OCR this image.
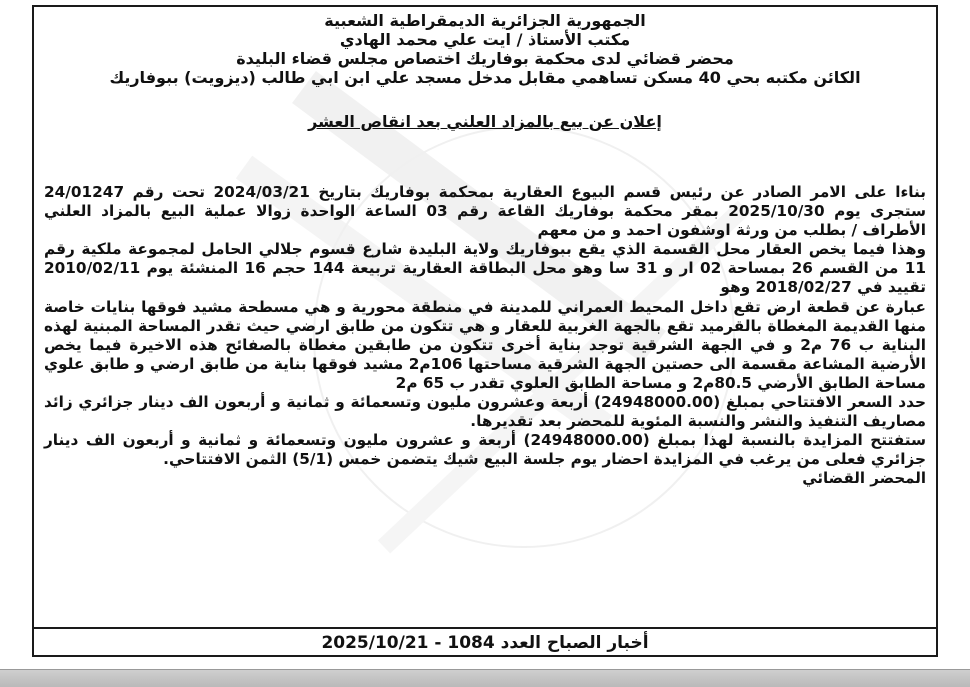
الجمهورية الجزائرية الديمقراطية الشعبية

مكتب الأستاذ / ايت علي محمد الهادي

محضر قضائي لدى محكمة بوفاريك اختصاص مجلس قضاء البليدة

الكائن مكتبه بحي 40 مسكن تساهمي مقابل مدخل مسجد علي ابن ابي طالب (ديزويت) ببوفاريك

إعلان عن بيع بالمزاد العلني بعد انقاص العشر

بناءا على الامر الصادر عن رئيس قسم البيوع العقارية بمحكمة بوفاريك بتاريخ 2024/03/21 تحت رقم 24/01247 ستجرى يوم 2025/10/30 بمقر محكمة بوفاريك القاعة رقم 03 الساعة الواحدة زوالا عملية البيع بالمزاد العلني الأطراف / بطلب من ورثة اوشفون احمد و من معهم

وهذا فيما يخص العقار محل القسمة الذي يقع ببوفاريك ولاية البليدة شارع قسوم جلالي الحامل لمجموعة ملكية رقم 11 من القسم 26 بمساحة 02 ار و 31 سا وهو محل البطاقة العقارية تربيعة 144 حجم 16 المنشئة يوم 2010/02/11 تقييد في 2018/02/27 وهو

عبارة عن قطعة ارض تقع داخل المحيط العمراني للمدينة في منطقة محورية و هي مسطحة مشيد فوقها بنايات خاصة منها القديمة المغطاة بالقرميد تقع بالجهة الغربية للعقار و هي تتكون من طابق ارضي حيث تقدر المساحة المبنية لهذه البناية ب 76 م2 و في الجهة الشرقية توجد بناية أخرى تتكون من طابقين مغطاة بالصفائح هذه الاخيرة فيما يخص الأرضية المشاعة مقسمة الى حصتين الجهة الشرقية مساحتها 106م2 مشيد فوقها بناية من طابق ارضي و طابق علوي مساحة الطابق الأرضي 80.5م2 و مساحة الطابق العلوي تقدر ب 65 م2

حدد السعر الافتتاحي بمبلغ (24948000.00) أربعة وعشرون مليون وتسعمائة و ثمانية و أربعون الف دينار جزائري زائد مصاريف التنفيذ والنشر والنسبة المئوية للمحضر بعد تقديرها.

ستفتتح المزايدة بالنسبة لهذا بمبلغ (24948000.00) أربعة و عشرون مليون وتسعمائة و ثمانية و أربعون الف دينار جزائري فعلى من يرغب في المزايدة احضار يوم جلسة البيع شيك يتضمن خمس (5/1) الثمن الافتتاحي.

المحضر القضائي

أخبار الصباح العدد 1084 - 2025/10/21
